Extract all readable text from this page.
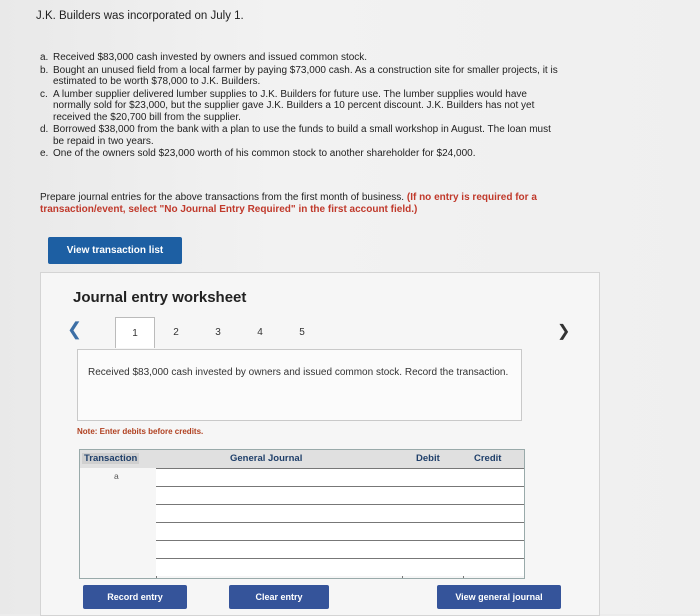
J.K. Builders was incorporated on July 1.
a. Received $83,000 cash invested by owners and issued common stock.
b. Bought an unused field from a local farmer by paying $73,000 cash. As a construction site for smaller projects, it is estimated to be worth $78,000 to J.K. Builders.
c. A lumber supplier delivered lumber supplies to J.K. Builders for future use. The lumber supplies would have normally sold for $23,000, but the supplier gave J.K. Builders a 10 percent discount. J.K. Builders has not yet received the $20,700 bill from the supplier.
d. Borrowed $38,000 from the bank with a plan to use the funds to build a small workshop in August. The loan must be repaid in two years.
e. One of the owners sold $23,000 worth of his common stock to another shareholder for $24,000.
Prepare journal entries for the above transactions from the first month of business. (If no entry is required for a transaction/event, select "No Journal Entry Required" in the first account field.)
View transaction list
Journal entry worksheet
❮	1	2	3	4	5	❯
Received $83,000 cash invested by owners and issued common stock. Record the transaction.
Note: Enter debits before credits.
Transaction	General Journal	Debit	Credit
a
Record entry	Clear entry	View general journal
